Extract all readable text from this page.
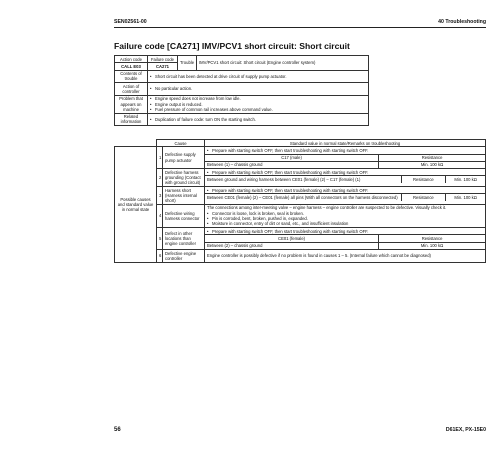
SEN02561-00	40 Troubleshooting
Failure code [CA271] IMV/PCV1 short circuit: Short circuit
Action code	Failure code	Trouble	IMV/PCV1 short circuit: Short circuit (Engine controller system)
CALL E03	CA271		
Contents of trouble	• Short circuit has been detected at drive circuit of supply pump actuator.

Action of controller	• No particular action.

Problem that appears on machine	• Engine speed does not increase from low idle.
• Engine output is reduced.
• Fuel pressure of common rail increases above command value.

Related information	• Duplication of failure code: turn ON the starting switch.
	Cause	Standard value in normal state/Remarks on troubleshooting
Possible causes and standard value in normal state	1	Defective supply pump actuator	
• Prepare with starting switch OFF, then start troubleshooting with starting switch OFF.

C17 (male)	Resistance
Between (1) – chassis ground	Min. 100 kΩ

2	Defective harness grounding (Contact with ground circuit)	
• Prepare with starting switch OFF, then start troubleshooting with starting switch OFF.

Between ground and wiring harness between CE01 (female) (2) – C17 (female) (1)	Resistance	Min. 100 kΩ

3	Harness short (Harness internal short)	
• Prepare with starting switch OFF, then start troubleshooting with starting switch OFF.

Between CE01 (female) (2) – CE01 (female) all pins (With all connectors on the harness disconnected)	Resistance	Min. 100 kΩ

4	Defective wiring harness connector	
The connections among inter-meeting valve – engine harness – engine controller are suspected to be defective. Visually check it.
• Connector is loose, lock is broken, seal is broken.
• Pin is corroded, bent, broken, pushed in, expanded.
• Moisture in connector, entry of dirt or sand, etc., and insufficient insulation

5	Defect in other locations than engine controller	
• Prepare with starting switch OFF, then start troubleshooting with starting switch OFF.

CE01 (female)	Resistance
Between (2) – chassis ground	Min. 100 kΩ

6	Defective engine controller	Engine controller is possibly defective if no problem is found in causes 1 – 5. (Internal failure which cannot be diagnosed)
56	D61EX, PX-15E0
